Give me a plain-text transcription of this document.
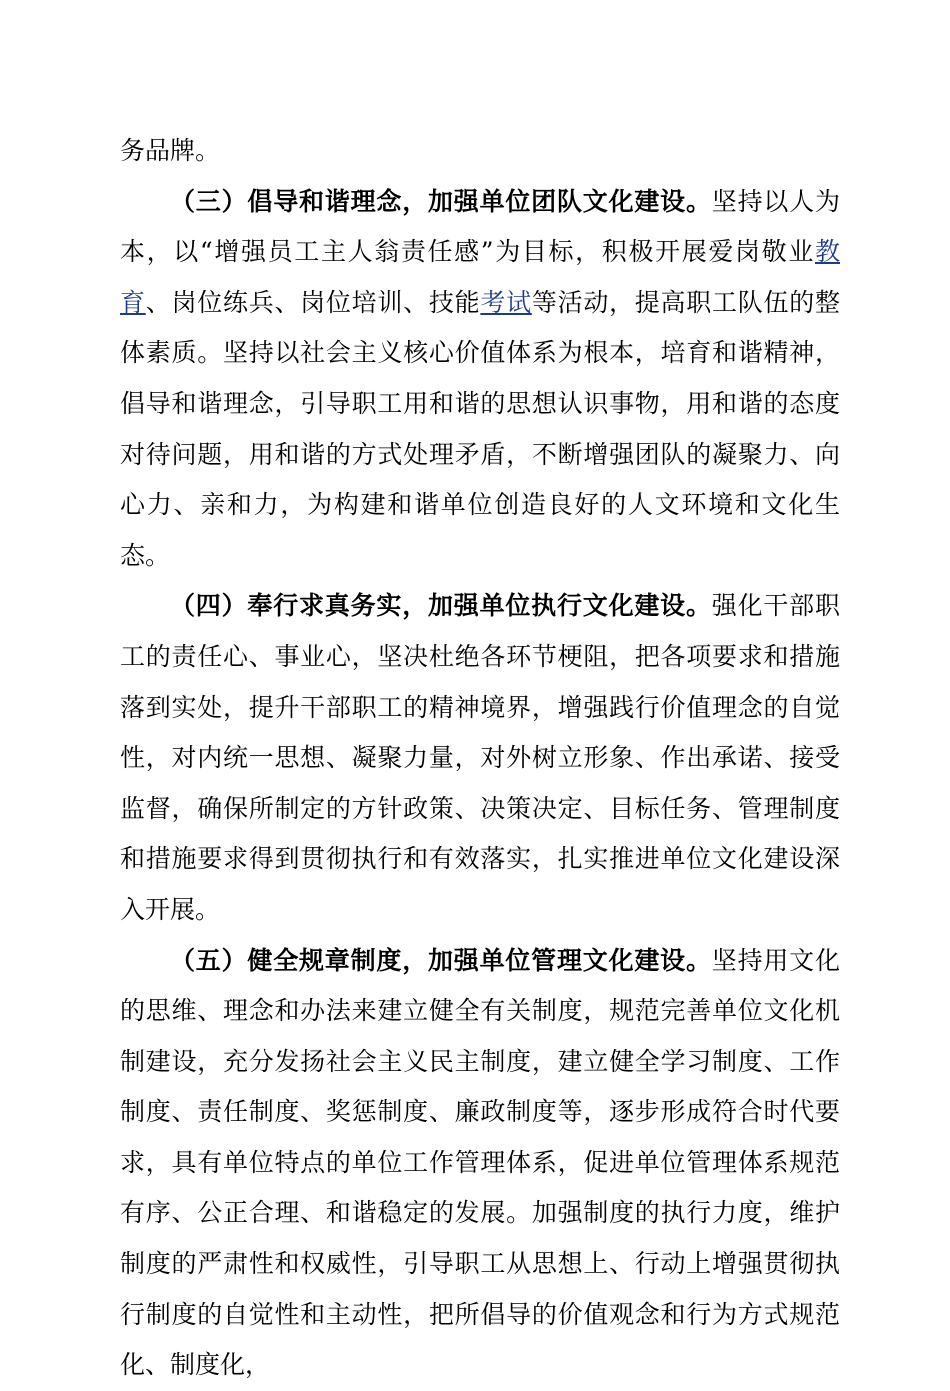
务品牌。

（三）倡导和谐理念，加强单位团队文化建设。坚持以人为本，以“增强员工主人翁责任感”为目标，积极开展爱岗敬业教育、岗位练兵、岗位培训、技能考试等活动，提高职工队伍的整体素质。坚持以社会主义核心价值体系为根本，培育和谐精神，倡导和谐理念，引导职工用和谐的思想认识事物，用和谐的态度对待问题，用和谐的方式处理矛盾，不断增强团队的凝聚力、向心力、亲和力，为构建和谐单位创造良好的人文环境和文化生态。

（四）奉行求真务实，加强单位执行文化建设。强化干部职工的责任心、事业心，坚决杜绝各环节梗阻，把各项要求和措施落到实处，提升干部职工的精神境界，增强践行价值理念的自觉性，对内统一思想、凝聚力量，对外树立形象、作出承诺、接受监督，确保所制定的方针政策、决策决定、目标任务、管理制度和措施要求得到贯彻执行和有效落实，扎实推进单位文化建设深入开展。

（五）健全规章制度，加强单位管理文化建设。坚持用文化的思维、理念和办法来建立健全有关制度，规范完善单位文化机制建设，充分发扬社会主义民主制度，建立健全学习制度、工作制度、责任制度、奖惩制度、廉政制度等，逐步形成符合时代要求，具有单位特点的单位工作管理体系，促进单位管理体系规范有序、公正合理、和谐稳定的发展。加强制度的执行力度，维护制度的严肃性和权威性，引导职工从思想上、行动上增强贯彻执行制度的自觉性和主动性，把所倡导的价值观念和行为方式规范化、制度化，
